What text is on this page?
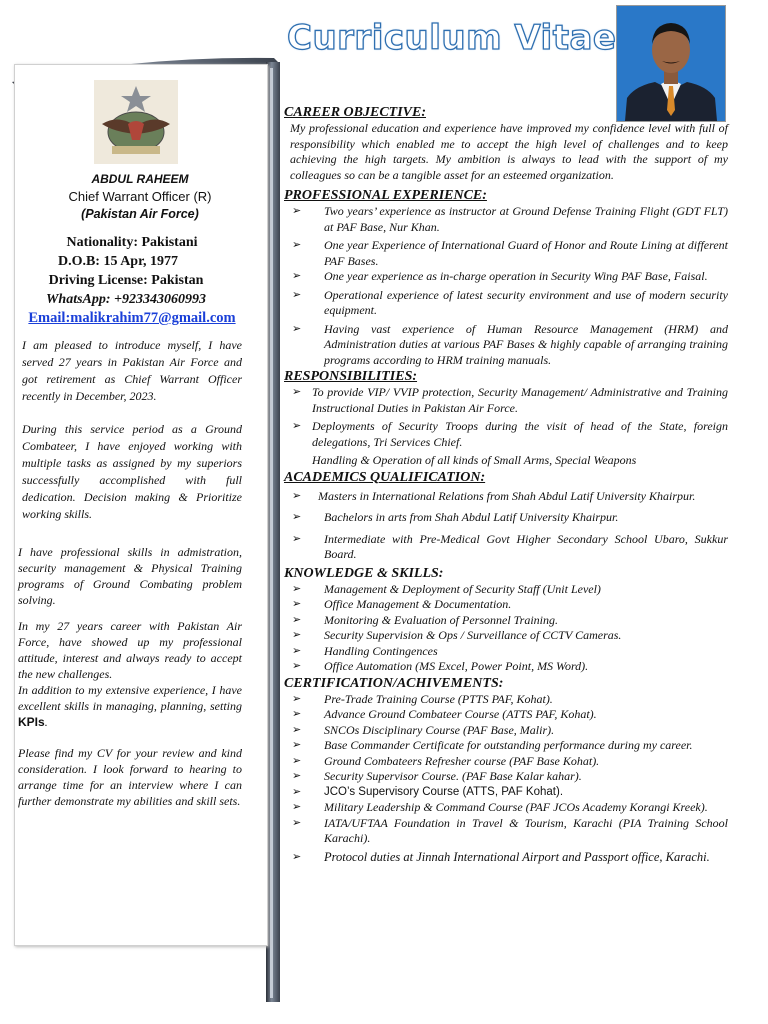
Curriculum Vitae
ABDUL RAHEEM
Chief Warrant Officer (R)
(Pakistan Air Force)
Nationality: Pakistani
D.O.B: 15 Apr, 1977
Driving License: Pakistan
WhatsApp: +923343060993
Email:malikrahim77@gmail.com
I am pleased to introduce myself, I have served 27 years in Pakistan Air Force and got retirement as Chief Warrant Officer recently in December, 2023.
During this service period as a Ground Combateer, I have enjoyed working with multiple tasks as assigned by my superiors successfully accomplished with full dedication. Decision making & Prioritize working skills.
I have professional skills in admistration, security management & Physical Training programs of Ground Combating problem solving.
In my 27 years career with Pakistan Air Force, have showed up my professional attitude, interest and always ready to accept the new challenges.
In addition to my extensive experience, I have excellent skills in managing, planning, setting KPIs.
Please find my CV for your review and kind consideration. I look forward to hearing to arrange time for an interview where I can further demonstrate my abilities and skill sets.

CAREER OBJECTIVE:

My professional education and experience have improved my confidence level with full of responsibility which enabled me to accept the high level of challenges and to keep achieving the high targets. My ambition is always to lead with the support of my colleagues so can be a tangible asset for an esteemed organization.

PROFESSIONAL EXPERIENCE:

➢ Two years’ experience as instructor at Ground Defense Training Flight (GDT FLT) at PAF Base, Nur Khan.
➢ One year Experience of International Guard of Honor and Route Lining at different PAF Bases.
➢ One year experience as in-charge operation in Security Wing PAF Base, Faisal.
➢ Operational experience of latest security environment and use of modern security equipment.
➢ Having vast experience of Human Resource Management (HRM) and Administration duties at various PAF Bases & highly capable of arranging training programs according to HRM training manuals.

RESPONSIBILITIES:

➢ To provide VIP/ VVIP protection, Security Management/ Administrative and Training Instructional Duties in Pakistan Air Force.
➢ Deployments of Security Troops during the visit of head of the State, foreign delegations, Tri Services Chief.
Handling & Operation of all kinds of Small Arms, Special Weapons

ACADEMICS QUALIFICATION:

➢ Masters in International Relations from Shah Abdul Latif University Khairpur.
➢ Bachelors in arts from Shah Abdul Latif University Khairpur.
➢ Intermediate with Pre-Medical Govt Higher Secondary School Ubaro, Sukkur Board.

KNOWLEDGE & SKILLS:

➢ Management & Deployment of Security Staff (Unit Level)
➢ Office Management & Documentation.
➢ Monitoring & Evaluation of Personnel Training.
➢ Security Supervision & Ops / Surveillance of CCTV Cameras.
➢ Handling Contingences
➢ Office Automation (MS Excel, Power Point, MS Word).

CERTIFICATION/ACHIVEMENTS:

➢ Pre-Trade Training Course (PTTS PAF, Kohat).
➢ Advance Ground Combateer Course (ATTS PAF, Kohat).
➢ SNCOs Disciplinary Course (PAF Base, Malir).
➢ Base Commander Certificate for outstanding performance during my career.
➢ Ground Combateers Refresher course (PAF Base Kohat).
➢ Security Supervisor Course. (PAF Base Kalar kahar).
➢ JCO’s Supervisory Course (ATTS, PAF Kohat).
➢ Military Leadership & Command Course (PAF JCOs Academy Korangi Kreek).
➢ IATA/UFTAA Foundation in Travel & Tourism, Karachi (PIA Training School Karachi).
➢ Protocol duties at Jinnah International Airport and Passport office, Karachi.
